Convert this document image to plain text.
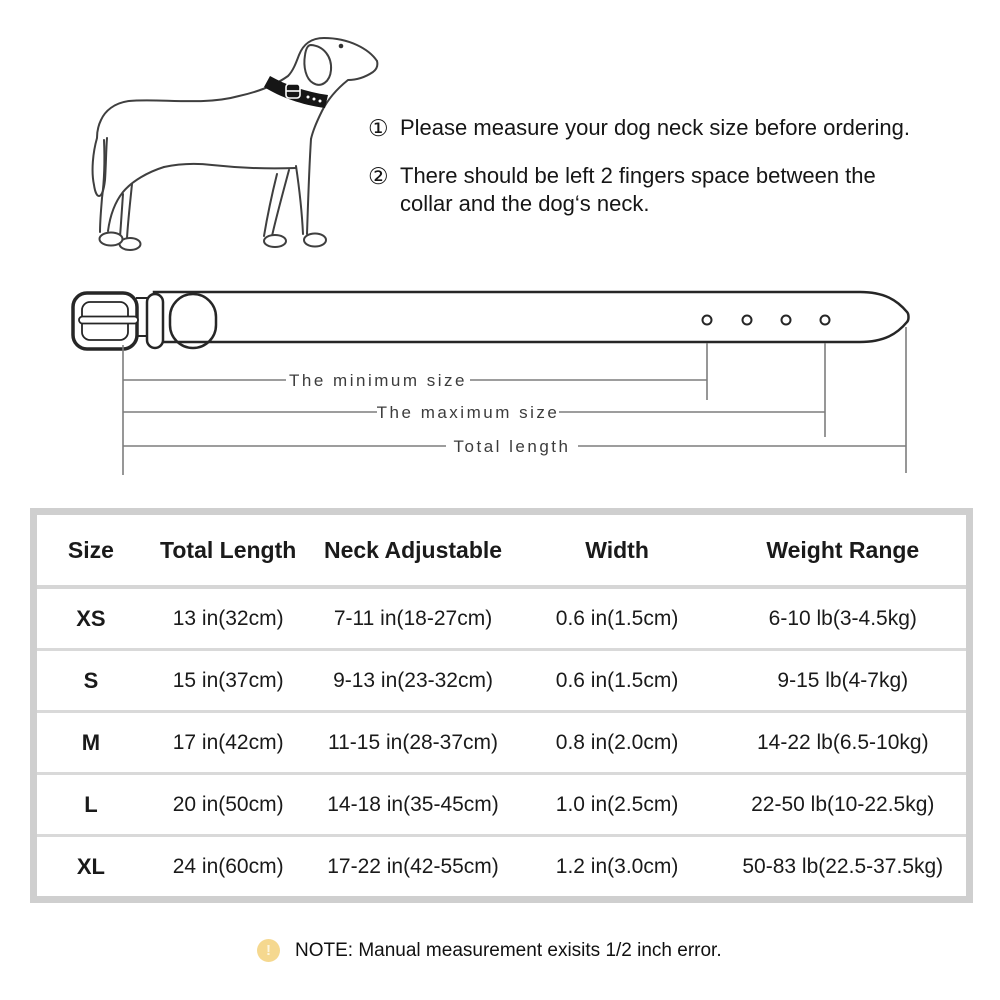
① Please measure your dog neck size before ordering.
② There should be left 2 fingers space between the
collar and the dog‘s neck.
The minimum size
The maximum size
Total length
Size	Total Length	Neck Adjustable	Width	Weight Range
XS	13 in(32cm)	7-11 in(18-27cm)	0.6 in(1.5cm)	6-10 lb(3-4.5kg)
S	15 in(37cm)	9-13 in(23-32cm)	0.6 in(1.5cm)	9-15 lb(4-7kg)
M	17 in(42cm)	11-15 in(28-37cm)	0.8 in(2.0cm)	14-22 lb(6.5-10kg)
L	20 in(50cm)	14-18 in(35-45cm)	1.0 in(2.5cm)	22-50 lb(10-22.5kg)
XL	24 in(60cm)	17-22 in(42-55cm)	1.2 in(3.0cm)	50-83 lb(22.5-37.5kg)
!	NOTE: Manual measurement exisits 1/2 inch error.
